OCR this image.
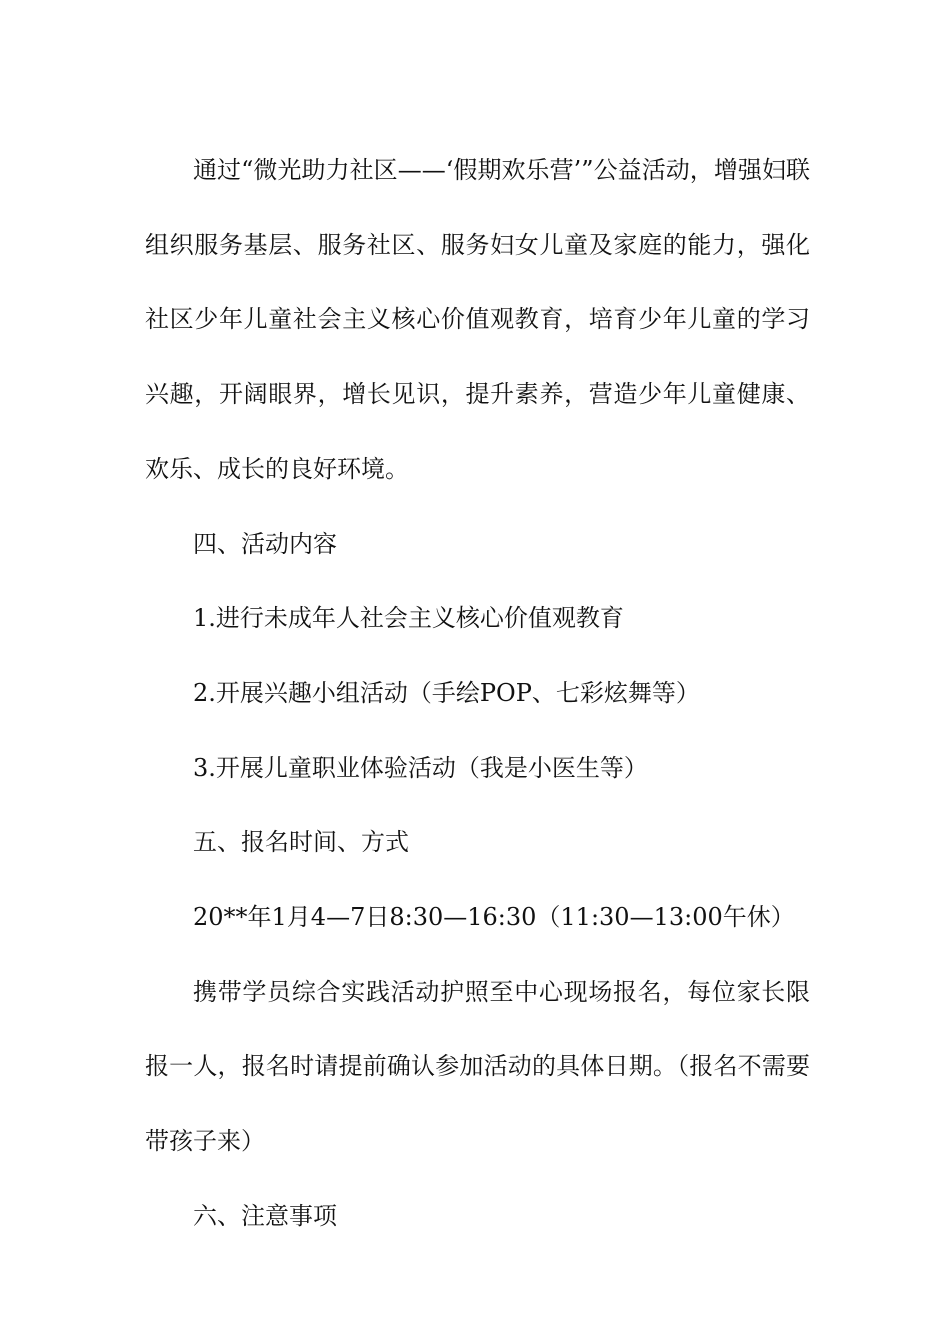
通过“微光助力社区——‘假期欢乐营’”公益活动，增强妇联组织服务基层、服务社区、服务妇女儿童及家庭的能力，强化社区少年儿童社会主义核心价值观教育，培育少年儿童的学习兴趣，开阔眼界，增长见识，提升素养，营造少年儿童健康、欢乐、成长的良好环境。

四、活动内容

1.进行未成年人社会主义核心价值观教育

2.开展兴趣小组活动（手绘POP、七彩炫舞等）

3.开展儿童职业体验活动（我是小医生等）

五、报名时间、方式

20**年1月4—7日8:30—16:30（11:30—13:00午休）

携带学员综合实践活动护照至中心现场报名，每位家长限报一人，报名时请提前确认参加活动的具体日期。（报名不需要带孩子来）

六、注意事项
